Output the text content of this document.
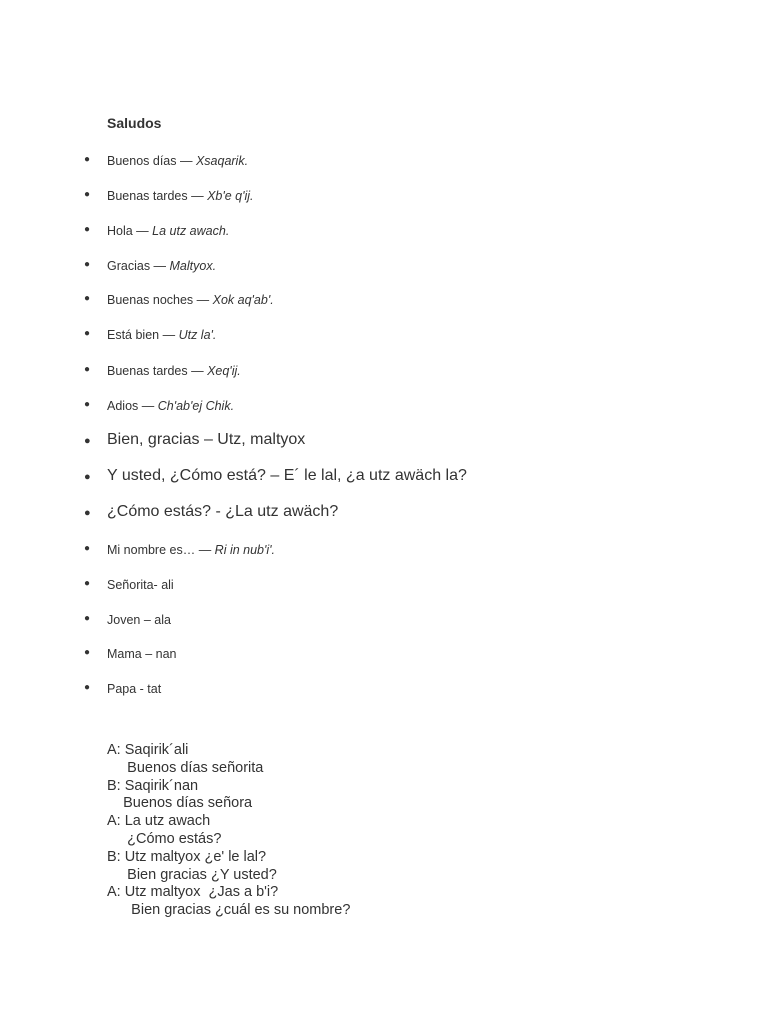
Saludos
● Buenos días — Xsaqarik.
● Buenas tardes — Xb'e q'ij.
● Hola — La utz awach.
● Gracias — Maltyox.
● Buenas noches — Xok aq'ab'.
● Está bien — Utz la'.
● Buenas tardes — Xeq'ij.
● Adios — Ch'ab'ej Chik.
● Bien, gracias – Utz, maltyox
● Y usted, ¿Cómo está? – E´ le lal, ¿a utz awäch la?
● ¿Cómo estás? - ¿La utz awäch?
● Mi nombre es… — Ri in nub'i'.
● Señorita- ali
● Joven – ala
● Mama – nan
● Papa - tat
A: Saqirik´ali
Buenos días señorita
B: Saqirik´nan
Buenos días señora
A: La utz awach
¿Cómo estás?
B: Utz maltyox ¿e' le lal?
Bien gracias ¿Y usted?
A: Utz maltyox  ¿Jas a b'i?
Bien gracias ¿cuál es su nombre?
